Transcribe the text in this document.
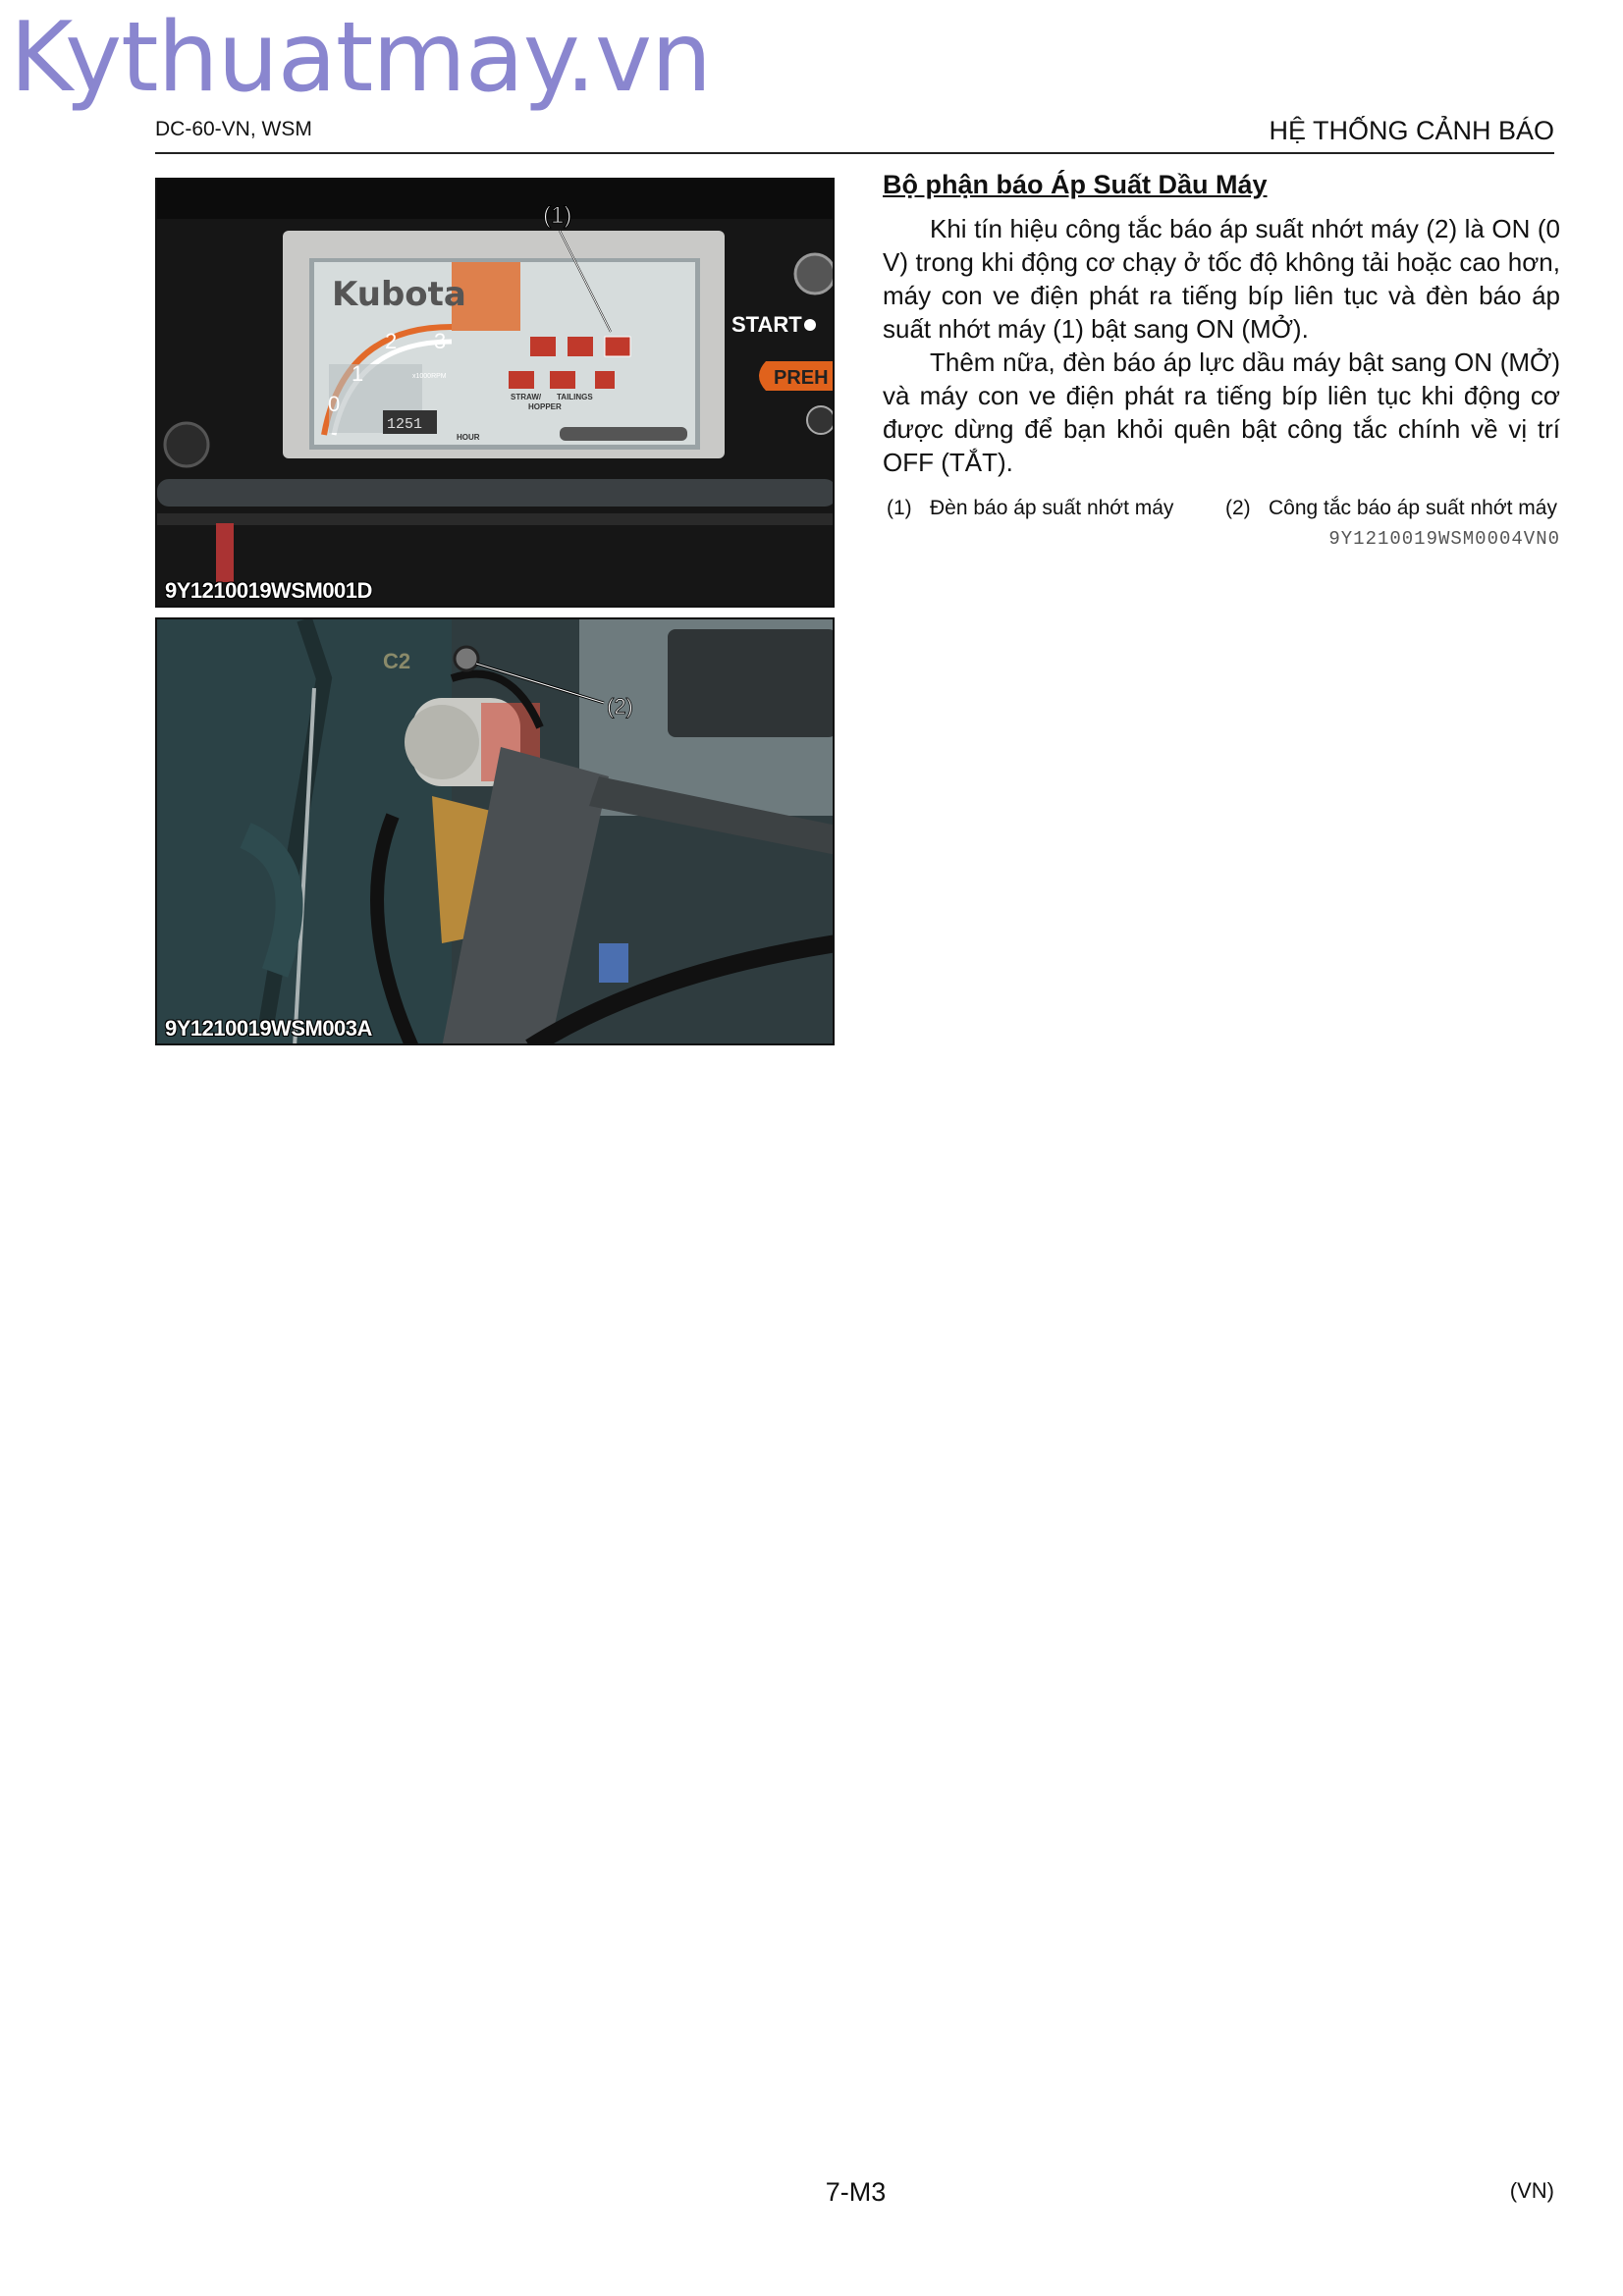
Kythuatmay.vn
DC-60-VN, WSM	HỆ THỐNG CẢNH BÁO
Kubota
0
1
2 3
x1000RPM
STRAW/ TAILINGS
HOPPER
1251
HOUR
(1)
START
PREH
9Y1210019WSM001D
C2
(2)
9Y1210019WSM003A
Bộ phận báo Áp Suất Dầu Máy

Khi tín hiệu công tắc báo áp suất nhớt máy (2) là ON (0 V) trong khi động cơ chạy ở tốc độ không tải hoặc cao hơn, máy con ve điện phát ra tiếng bíp liên tục và đèn báo áp suất nhớt máy (1) bật sang ON (MỞ).

Thêm nữa, đèn báo áp lực dầu máy bật sang ON (MỞ) và máy con ve điện phát ra tiếng bíp liên tục khi động cơ được dừng để bạn khỏi quên bật công tắc chính về vị trí OFF (TẮT).

(1) Đèn báo áp suất nhớt máy	(2) Công tắc báo áp suất nhớt máy
9Y1210019WSM0004VN0
7-M3	(VN)
